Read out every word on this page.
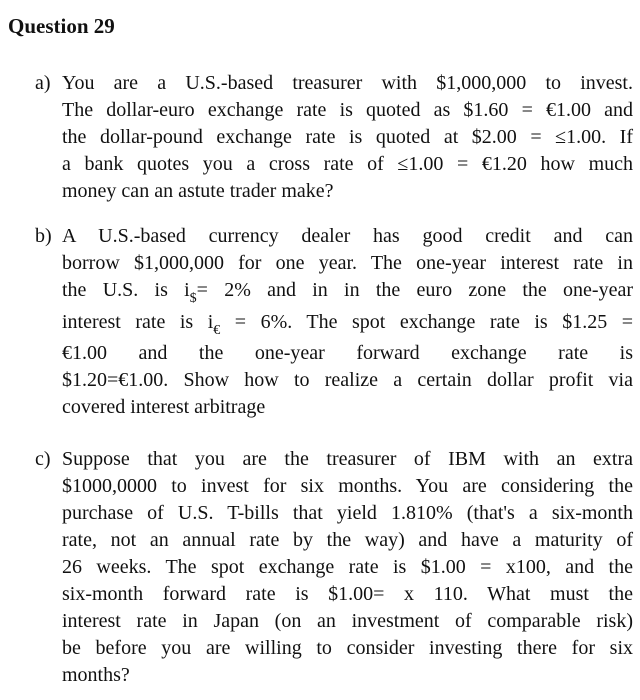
Question 29
a) You are a U.S.-based treasurer with $1,000,000 to invest.
The dollar-euro exchange rate is quoted as $1.60 = €1.00 and
the dollar-pound exchange rate is quoted at $2.00 = ≤1.00. If
a bank quotes you a cross rate of ≤1.00 = €1.20 how much
money can an astute trader make?
b) A U.S.-based currency dealer has good credit and can
borrow $1,000,000 for one year. The one-year interest rate in
the U.S. is $i_{\$}= 2\%$ and in in the euro zone the one-year
interest rate is $i_€ = 6\%$. The spot exchange rate is $1.25 =
€1.00 and the one-year forward exchange rate is
$1.20=€1.00. Show how to realize a certain dollar profit via
covered interest arbitrage
c) Suppose that you are the treasurer of IBM with an extra
$1000,0000 to invest for six months. You are considering the
purchase of U.S. T-bills that yield 1.810% (that's a six-month
rate, not an annual rate by the way) and have a maturity of
26 weeks. The spot exchange rate is $1.00 = x100, and the
six-month forward rate is $1.00= x 110. What must the
interest rate in Japan (on an investment of comparable risk)
be before you are willing to consider investing there for six
months?
